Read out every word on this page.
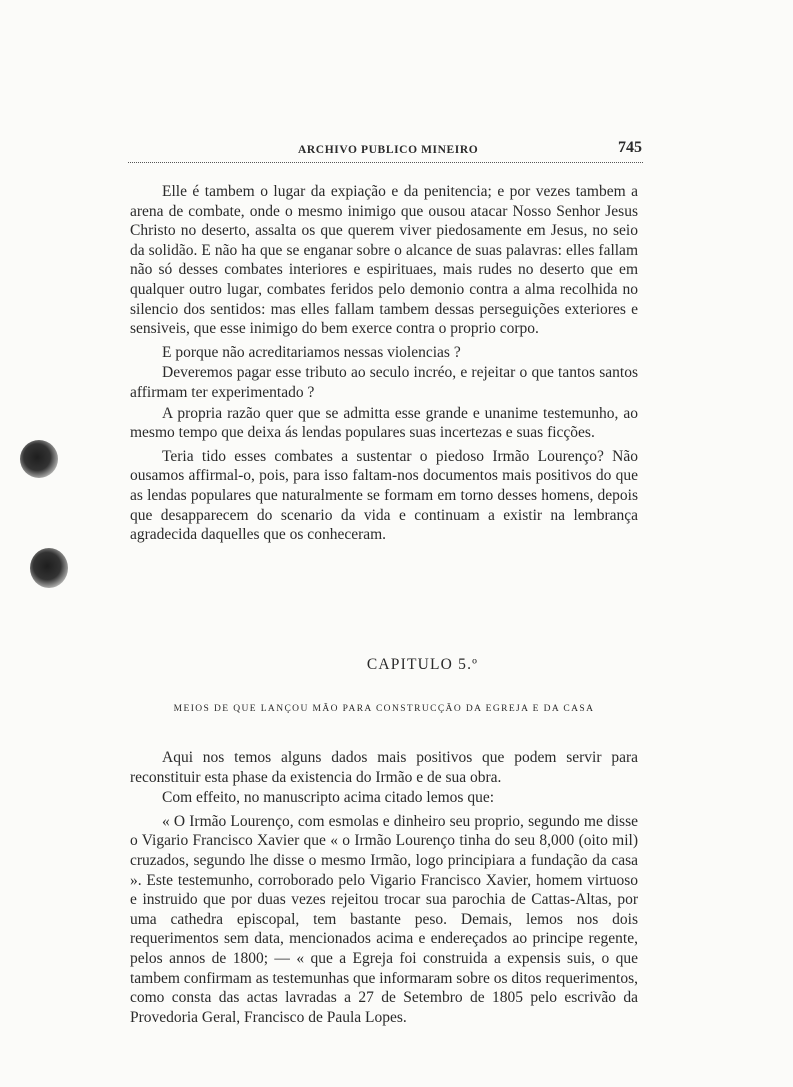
ARCHIVO PUBLICO MINEIRO	745

Elle é tambem o lugar da expiação e da penitencia; e por vezes tambem a arena de combate, onde o mesmo inimigo que ousou atacar Nosso Senhor Jesus Christo no deserto, assalta os que querem viver piedosamente em Jesus, no seio da solidão. E não ha que se enganar sobre o alcance de suas palavras: elles fallam não só desses combates interiores e espirituaes, mais rudes no deserto que em qualquer outro lugar, combates feridos pelo demonio contra a alma recolhida no silencio dos sentidos: mas elles fallam tambem dessas perseguições exteriores e sensiveis, que esse inimigo do bem exerce contra o proprio corpo.

E porque não acreditariamos nessas violencias ?

Deveremos pagar esse tributo ao seculo incréo, e rejeitar o que tantos santos affirmam ter experimentado ?

A propria razão quer que se admitta esse grande e unanime testemunho, ao mesmo tempo que deixa ás lendas populares suas incertezas e suas ficções.

Teria tido esses combates a sustentar o piedoso Irmão Lourenço? Não ousamos affirmal-o, pois, para isso faltam-nos documentos mais positivos do que as lendas populares que naturalmente se formam em torno desses homens, depois que desapparecem do scenario da vida e continuam a existir na lembrança agradecida daquelles que os conheceram.

CAPITULO 5.º
MEIOS DE QUE LANÇOU MÃO PARA CONSTRUCÇÃO DA EGREJA E DA CASA

Aqui nos temos alguns dados mais positivos que podem servir para reconstituir esta phase da existencia do Irmão e de sua obra.

Com effeito, no manuscripto acima citado lemos que:

« O Irmão Lourenço, com esmolas e dinheiro seu proprio, segundo me disse o Vigario Francisco Xavier que « o Irmão Lourenço tinha do seu 8,000 (oito mil) cruzados, segundo lhe disse o mesmo Irmão, logo principiara a fundação da casa ». Este testemunho, corroborado pelo Vigario Francisco Xavier, homem virtuoso e instruido que por duas vezes rejeitou trocar sua parochia de Cattas-Altas, por uma cathedra episcopal, tem bastante peso. Demais, lemos nos dois requerimentos sem data, mencionados acima e endereçados ao principe regente, pelos annos de 1800; — « que a Egreja foi construida a expensis suis, o que tambem confirmam as testemunhas que informaram sobre os ditos requerimentos, como consta das actas lavradas a 27 de Setembro de 1805 pelo escrivão da Provedoria Geral, Francisco de Paula Lopes.
